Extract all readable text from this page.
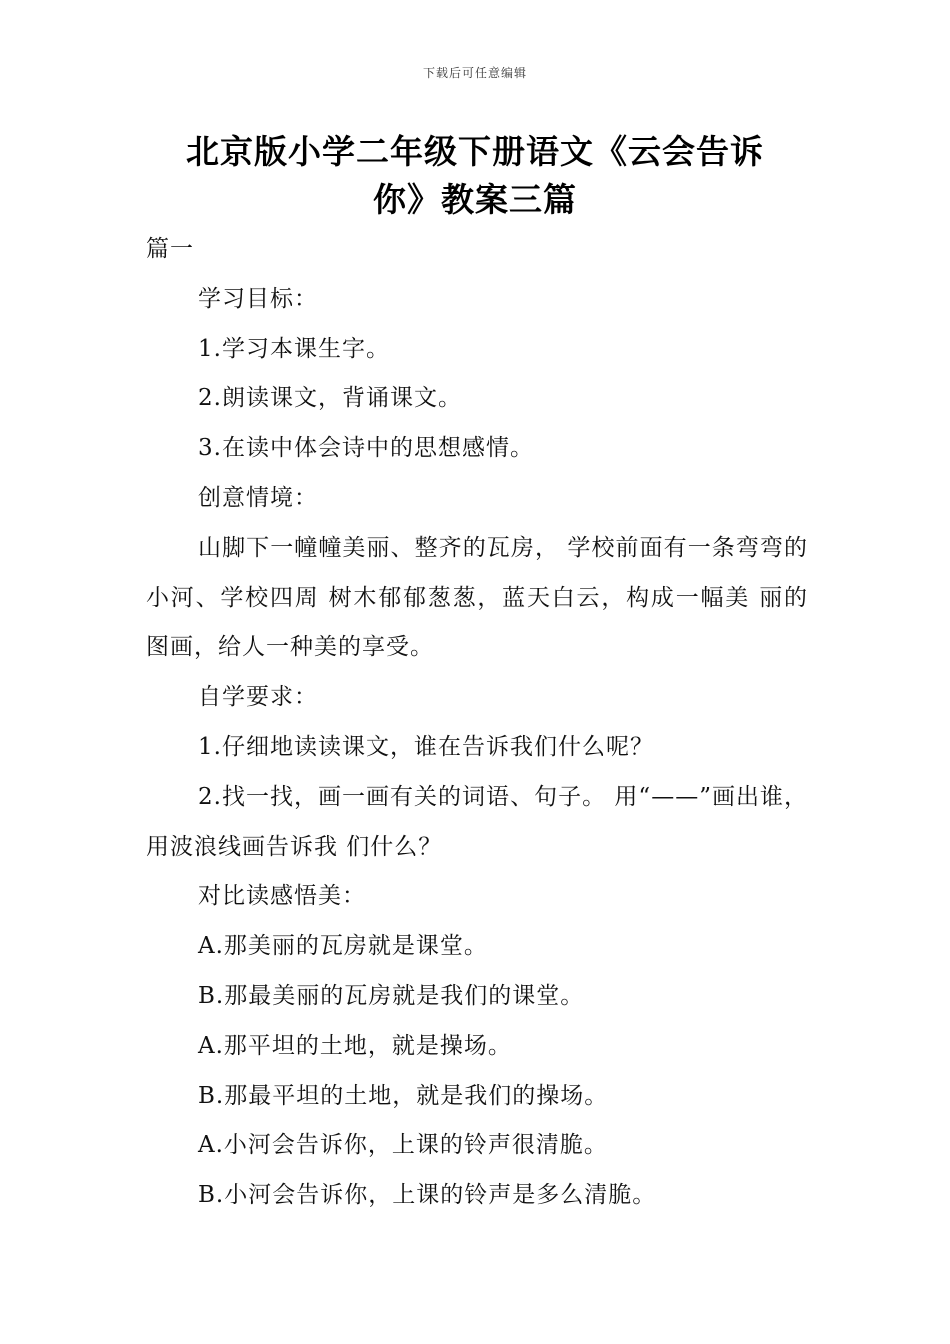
下载后可任意编辑
北京版小学二年级下册语文《云会告诉
你》教案三篇

篇一

学习目标：

1.学习本课生字。

2.朗读课文，背诵课文。

3.在读中体会诗中的思想感情。

创意情境：

山脚下一幢幢美丽、整齐的瓦房， 学校前面有一条弯弯的小河、学校四周 树木郁郁葱葱，蓝天白云，构成一幅美 丽的图画，给人一种美的享受。

自学要求：

1.仔细地读读课文，谁在告诉我们什么呢？

2.找一找，画一画有关的词语、句子。 用“——”画出谁，用波浪线画告诉我 们什么？

对比读感悟美：

A.那美丽的瓦房就是课堂。

B.那最美丽的瓦房就是我们的课堂。

A.那平坦的土地，就是操场。

B.那最平坦的土地，就是我们的操场。

A.小河会告诉你，上课的铃声很清脆。

B.小河会告诉你，上课的铃声是多么清脆。
